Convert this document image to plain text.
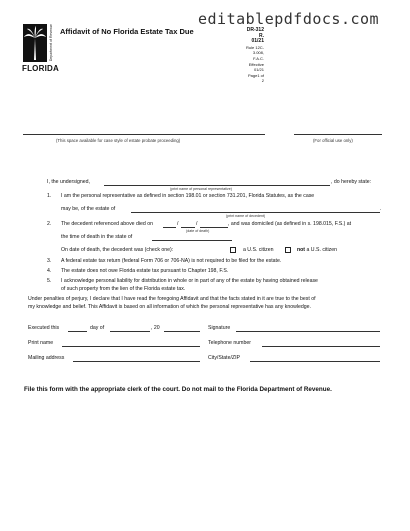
Department of Revenue
FLORIDA
Affidavit of No Florida Estate Tax Due
editablepdfdocs.com
DR-312
R. 01/21
Rule 12C-3.008, F.A.C.
Effective 01/21
Page1 of 2
(This space available for case style of estate probate proceeding)	(For official use only)
I, the undersigned,	, do hereby state:
(print name of personal representative)
1. I am the personal representative as defined in section 198.01 or section 731.201, Florida Statutes, as the case
may be, of the estate of	.
(print name of decedent)
2. The decedent referenced above died on	/	/	, and was domiciled (as defined in s. 198.015, F.S.) at
(date of death)
the time of death in the state of
On date of death, the decedent was (check one):	a U.S. citizen	not a U.S. citizen
3. A federal estate tax return (federal Form 706 or 706-NA) is not required to be filed for the estate.
4. The estate does not owe Florida estate tax pursuant to Chapter 198, F.S.
5. I acknowledge personal liability for distribution in whole or in part of any of the estate by having obtained release
of such property from the lien of the Florida estate tax.
Under penalties of perjury, I declare that I have read the foregoing Affidavit and that the facts stated in it are true to the best of
my knowledge and belief. This Affidavit is based on all information of which the personal representative has any knowledge.
Executed this	day of	, 20	Signature
Print name	Telephone number
Mailing address	City/State/ZIP
File this form with the appropriate clerk of the court. Do not mail to the Florida Department of Revenue.
